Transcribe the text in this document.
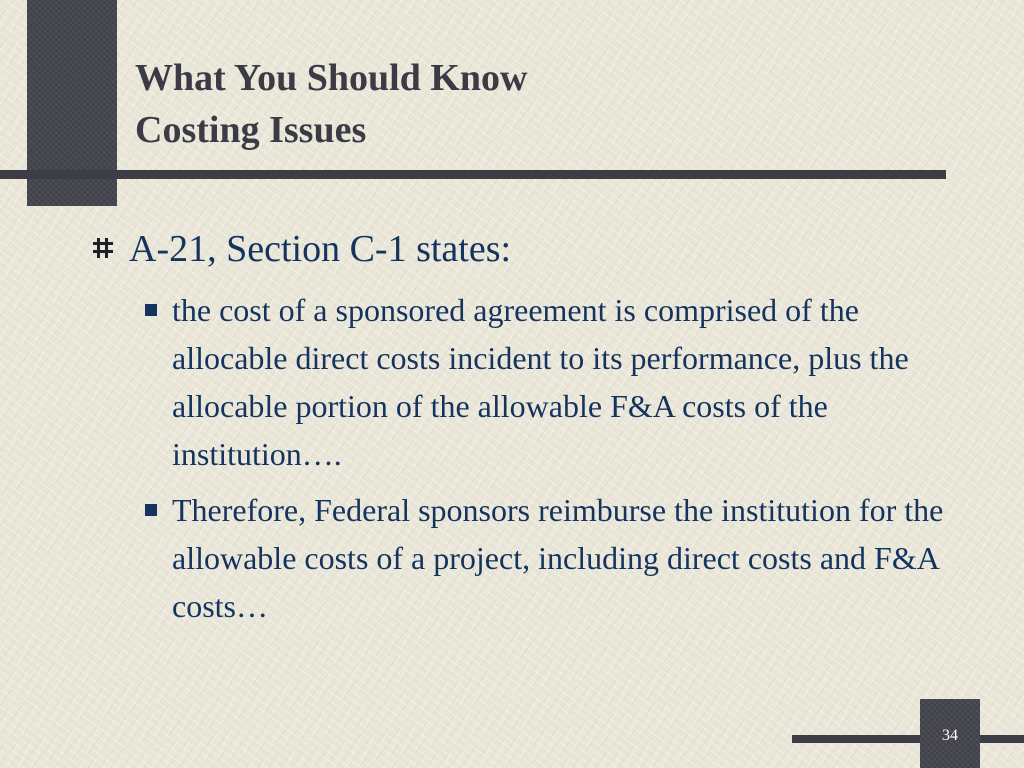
What You Should Know
Costing Issues
A-21, Section C-1 states:
the cost of a sponsored agreement is comprised of the allocable direct costs incident to its performance, plus the allocable portion of the allowable F&A costs of the institution….
Therefore, Federal sponsors reimburse the institution for the allowable costs of a project, including direct costs and F&A costs…
34
